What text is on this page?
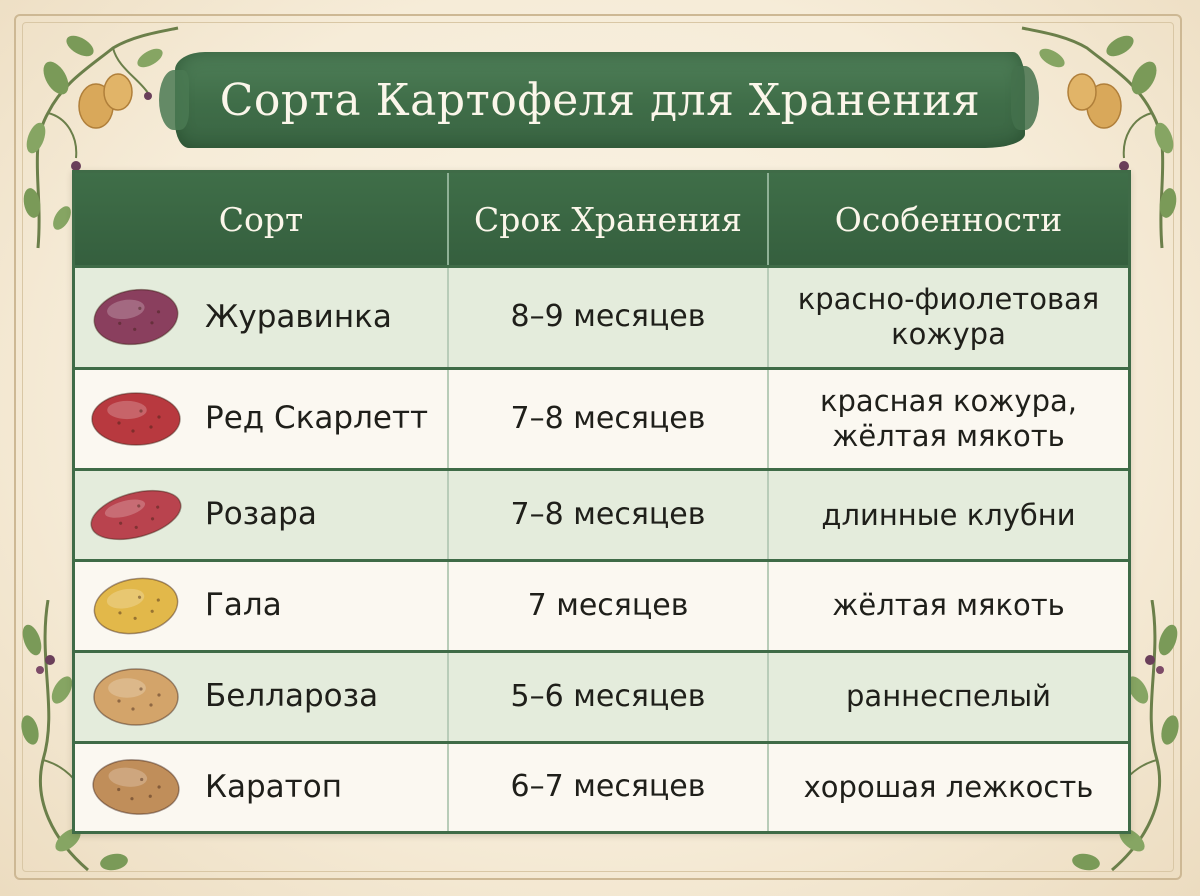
Сорта Картофеля для Хранения
Сорт	Срок Хранения	Особенности

Журавинка	8–9 месяцев	красно-фиолетовая кожура

Ред Скарлетт	7–8 месяцев	красная кожура, жёлтая мякоть

Розара	7–8 месяцев	длинные клубни

Гала	7 месяцев	жёлтая мякоть

Беллароза	5–6 месяцев	раннеспелый

Каратоп	6–7 месяцев	хорошая лежкость
